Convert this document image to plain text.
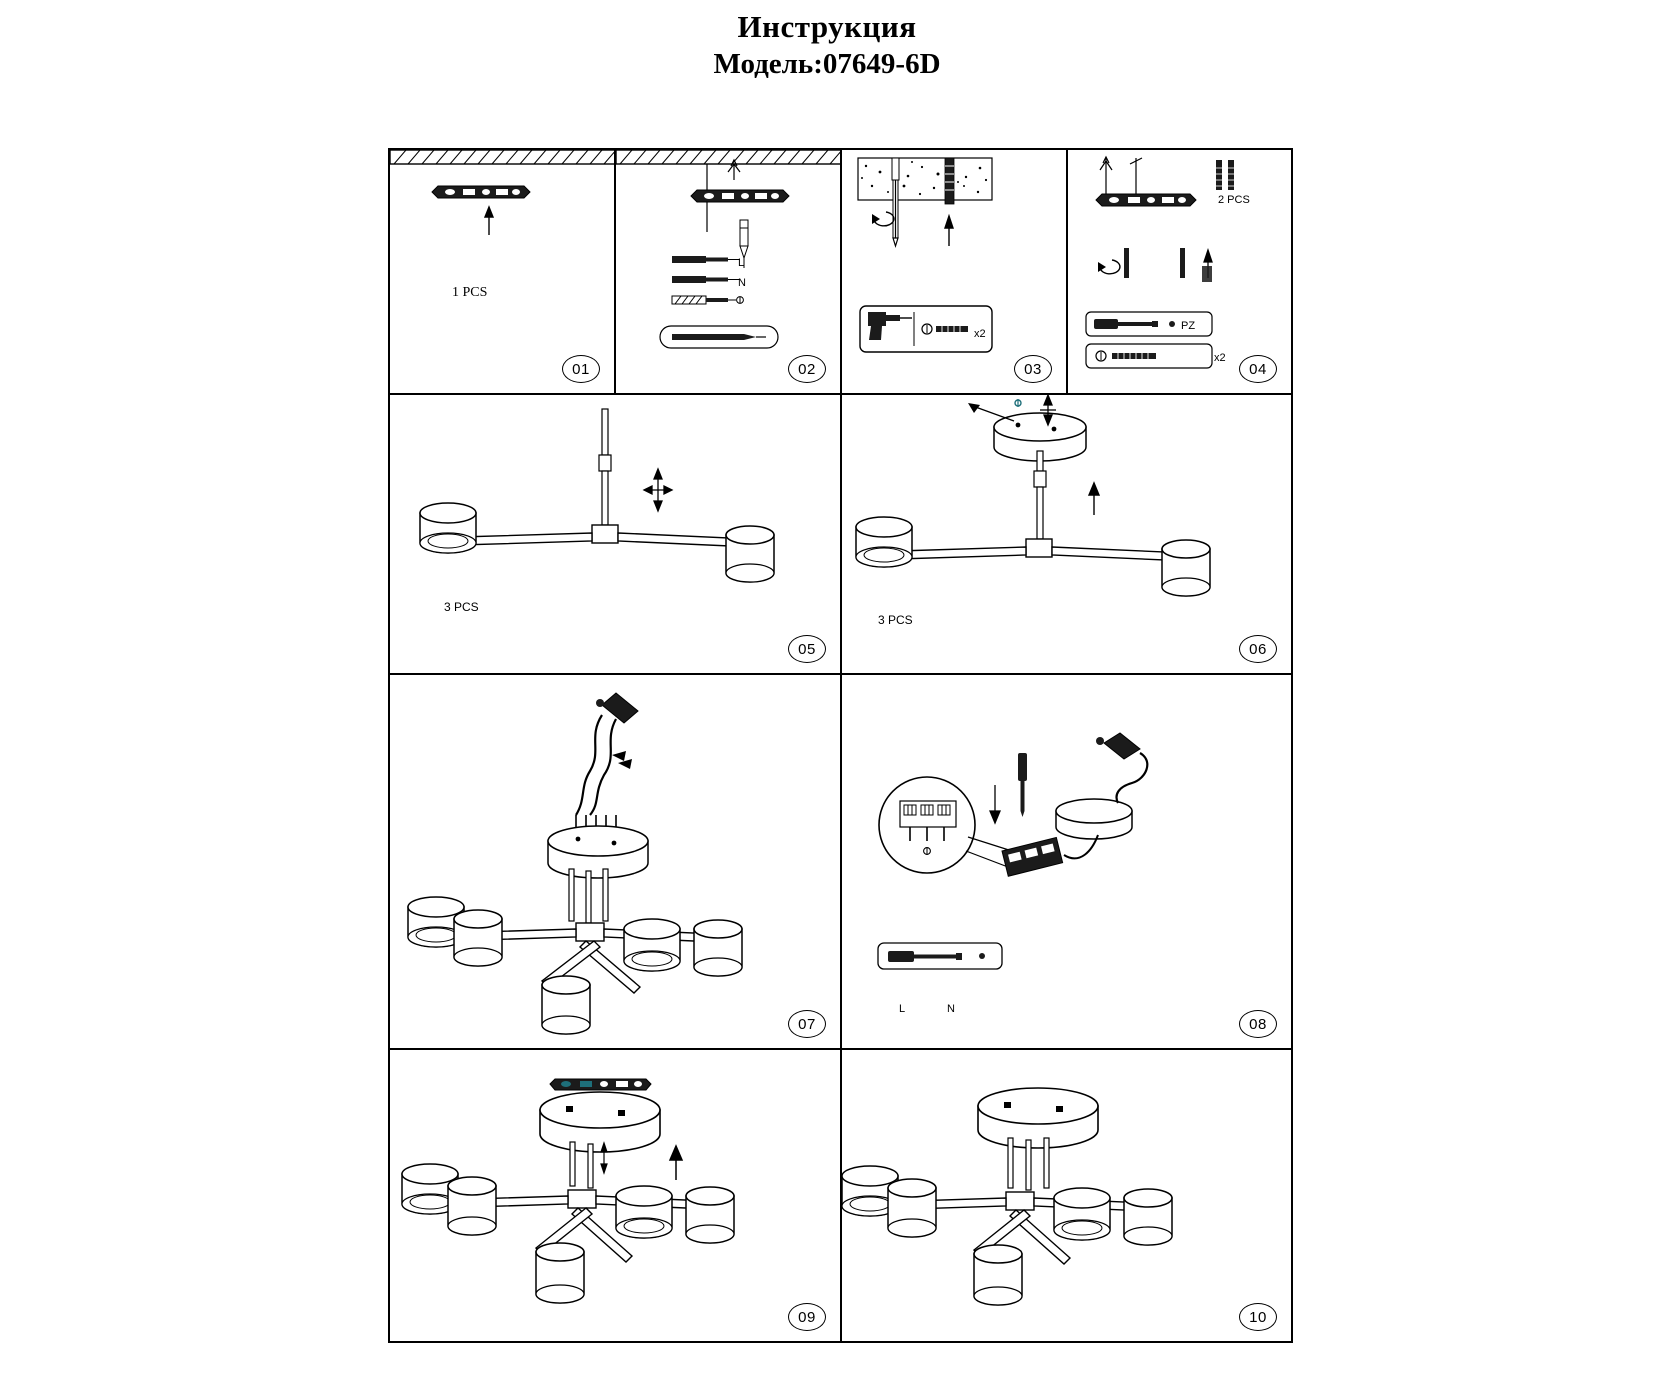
Инструкция
Модель:07649-6D
1 PCS
01
L
N
02
x2
03
2 PCS
PZ
x2
04
3 PCS
05
3 PCS
06
07
L	N
08
09	10
